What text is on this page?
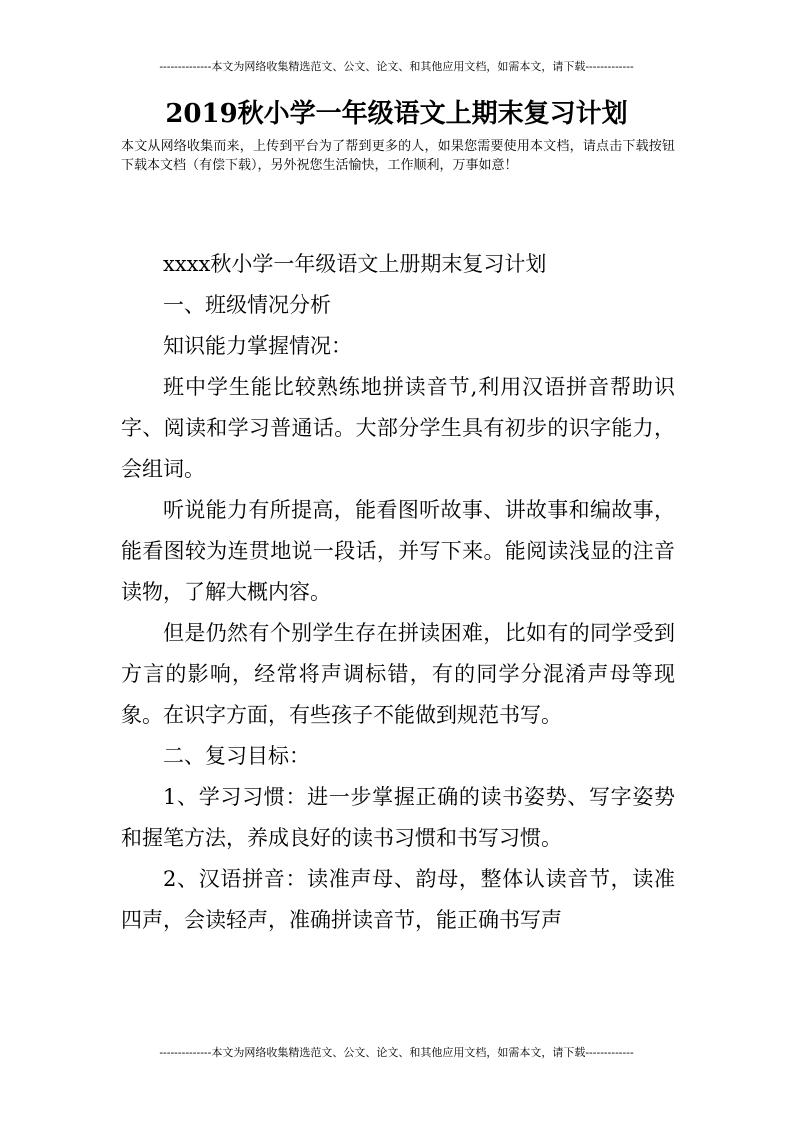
--------------本文为网络收集精选范文、公文、论文、和其他应用文档，如需本文，请下载-------------
2019秋小学一年级语文上期末复习计划
本文从网络收集而来，上传到平台为了帮到更多的人，如果您需要使用本文档，请点击下载按钮下载本文档（有偿下载），另外祝您生活愉快，工作顺利，万事如意！

xxxx秋小学一年级语文上册期末复习计划

一、班级情况分析

知识能力掌握情况：

班中学生能比较熟练地拼读音节,利用汉语拼音帮助识字、阅读和学习普通话。大部分学生具有初步的识字能力，会组词。

听说能力有所提高，能看图听故事、讲故事和编故事，能看图较为连贯地说一段话，并写下来。能阅读浅显的注音读物，了解大概内容。

但是仍然有个别学生存在拼读困难，比如有的同学受到方言的影响，经常将声调标错，有的同学分混淆声母等现象。在识字方面，有些孩子不能做到规范书写。

二、复习目标：

1、学习习惯：进一步掌握正确的读书姿势、写字姿势和握笔方法，养成良好的读书习惯和书写习惯。

2、汉语拼音：读准声母、韵母，整体认读音节，读准四声，会读轻声，准确拼读音节，能正确书写声

--------------本文为网络收集精选范文、公文、论文、和其他应用文档，如需本文，请下载-------------
